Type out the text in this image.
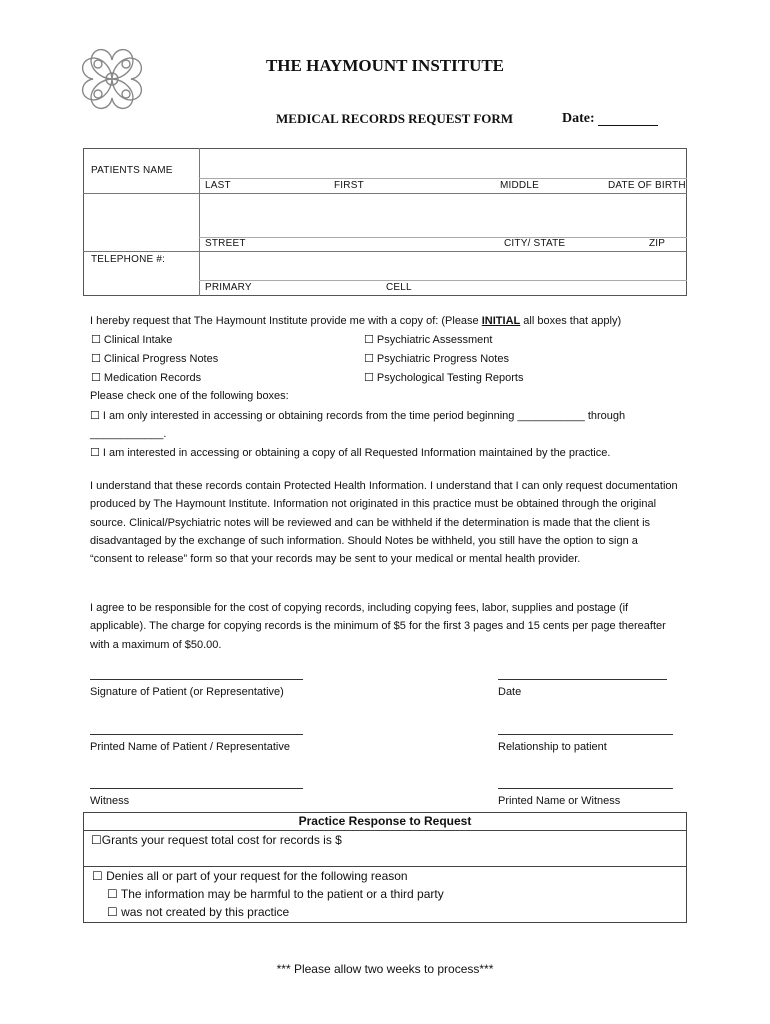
THE HAYMOUNT INSTITUTE
MEDICAL RECORDS REQUEST FORM	Date:
PATIENTS NAME
LAST	FIRST	MIDDLE	DATE OF BIRTH
STREET	CITY/ STATE	ZIP
TELEPHONE #:
PRIMARY	CELL
I hereby request that The Haymount Institute provide me with a copy of: (Please INITIAL all boxes that apply)
☐ Clinical Intake	☐ Psychiatric Assessment
☐ Clinical Progress Notes	☐ Psychiatric Progress Notes
☐ Medication Records	☐ Psychological Testing Reports
Please check one of the following boxes:
☐ I am only interested in accessing or obtaining records from the time period beginning ___________ through
____________.
☐ I am interested in accessing or obtaining a copy of all Requested Information maintained by the practice.
I understand that these records contain Protected Health Information. I understand that I can only request documentation produced by The Haymount Institute. Information not originated in this practice must be obtained through the original source. Clinical/Psychiatric notes will be reviewed and can be withheld if the determination is made that the client is disadvantaged by the exchange of such information. Should Notes be withheld, you still have the option to sign a “consent to release” form so that your records may be sent to your medical or mental health provider.
I agree to be responsible for the cost of copying records, including copying fees, labor, supplies and postage (if applicable). The charge for copying records is the minimum of $5 for the first 3 pages and 15 cents per page thereafter with a maximum of $50.00.
Signature of Patient (or Representative)	Date
Printed Name of Patient / Representative	Relationship to patient
Witness	Printed Name or Witness
Practice Response to Request
☐Grants your request total cost for records is $
☐ Denies all or part of your request for the following reason
☐ The information may be harmful to the patient or a third party
☐ was not created by this practice
*** Please allow two weeks to process***
